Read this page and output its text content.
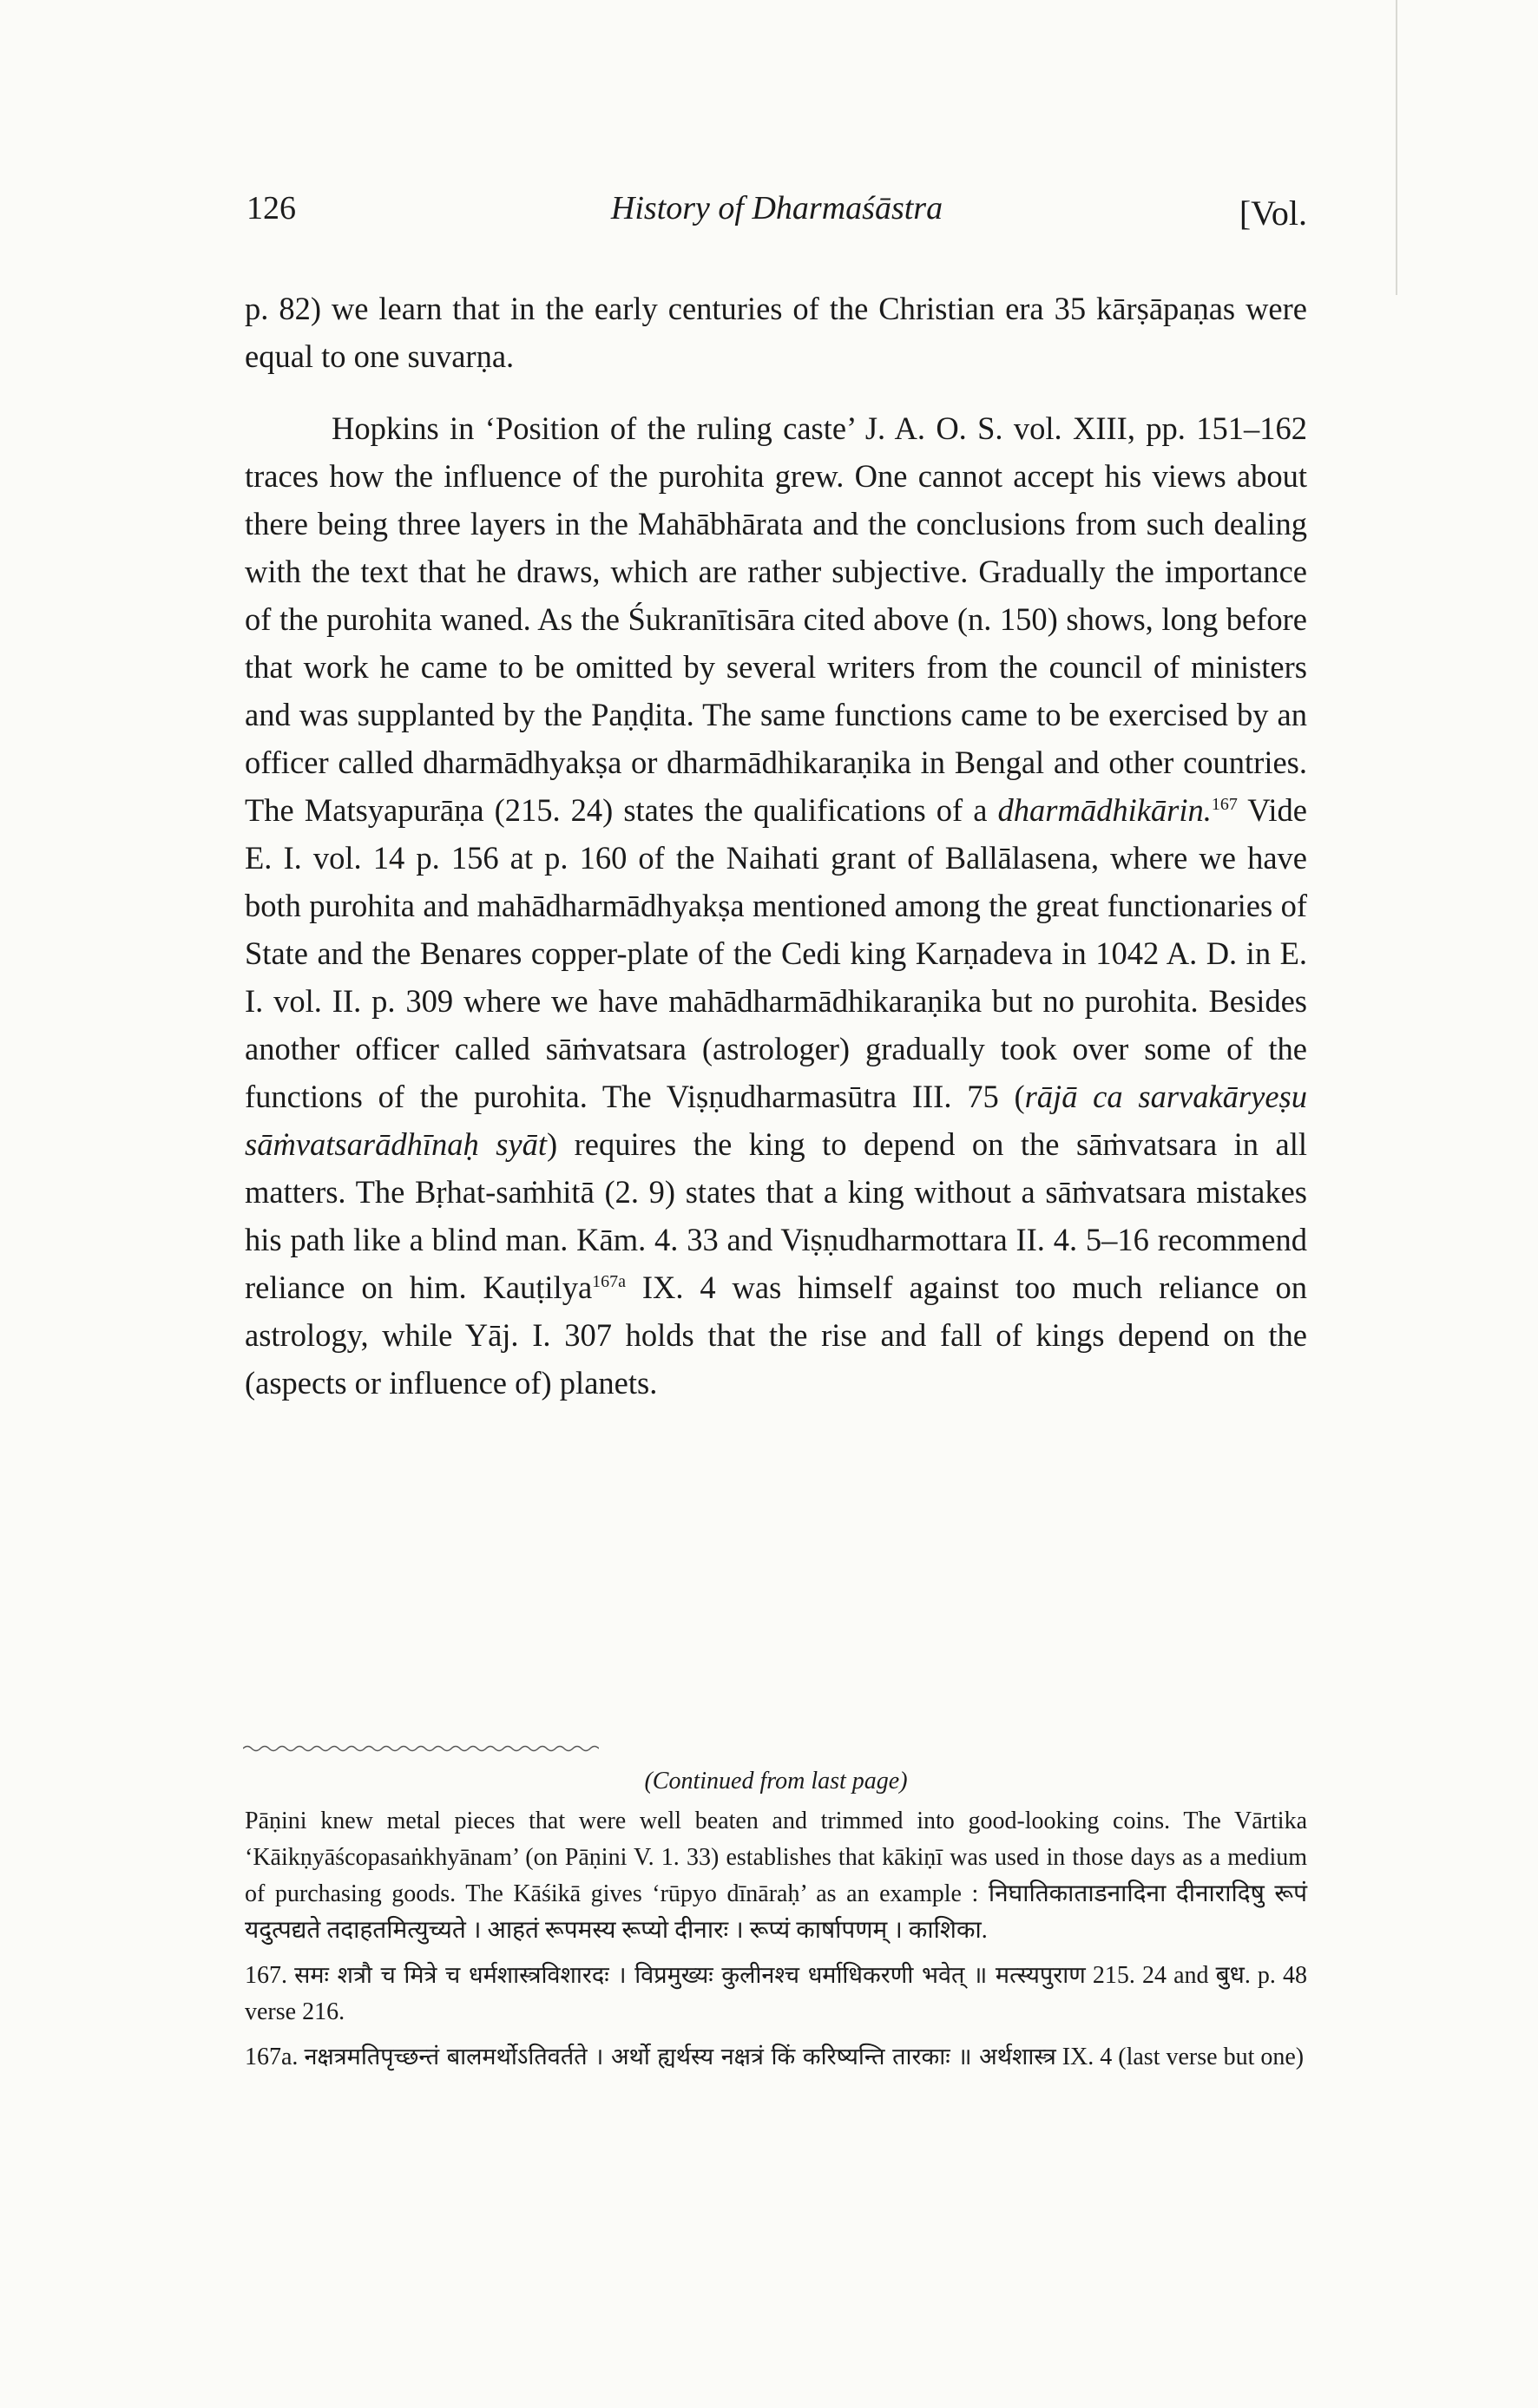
126	History of Dharmaśāstra	[Vol.

p. 82) we learn that in the early centuries of the Christian era 35 kārṣāpaṇas were equal to one suvarṇa.

Hopkins in ‘Position of the ruling caste’ J. A. O. S. vol. XIII, pp. 151–162 traces how the influence of the purohita grew. One cannot accept his views about there being three layers in the Mahābhārata and the conclusions from such dealing with the text that he draws, which are rather subjective. Gradually the importance of the purohita waned. As the Śukranītisāra cited above (n. 150) shows, long before that work he came to be omitted by several writers from the council of ministers and was supplanted by the Paṇḍita. The same functions came to be exercised by an officer called dharmādhyakṣa or dharmādhikaraṇika in Bengal and other countries. The Matsyapurāṇa (215. 24) states the qualifications of a dharmādhikārin.$^{167}$ Vide E. I. vol. 14 p. 156 at p. 160 of the Naihati grant of Ballālasena, where we have both purohita and mahādharmādhyakṣa mentioned among the great functionaries of State and the Benares copper-plate of the Cedi king Karṇadeva in 1042 A. D. in E. I. vol. II. p. 309 where we have mahādharmādhikaraṇika but no purohita. Besides another officer called sāṁvatsara (astrologer) gradually took over some of the functions of the purohita. The Viṣṇudharmasūtra III. 75 (rājā ca sarvakāryeṣu sāṁvatsarādhīnaḥ syāt) requires the king to depend on the sāṁvatsara in all matters. The Bṛhat-saṁhitā (2. 9) states that a king without a sāṁvatsara mistakes his path like a blind man. Kām. 4. 33 and Viṣṇudharmottara II. 4. 5–16 recommend reliance on him. Kauṭilya$^{167a}$ IX. 4 was himself against too much reliance on astrology, while Yāj. I. 307 holds that the rise and fall of kings depend on the (aspects or influence of) planets.

(Continued from last page)

Pāṇini knew metal pieces that were well beaten and trimmed into good-looking coins. The Vārtika ‘Kāikṇyāścopasaṅkhyānam’ (on Pāṇini V. 1. 33) establishes that kākiṇī was used in those days as a medium of purchasing goods. The Kāśikā gives ‘rūpyo dīnāraḥ’ as an example : निघातिकाताडनादिना दीनारादिषु रूपं यदुत्पद्यते तदाहतमित्युच्यते । आहतं रूपमस्य रूप्यो दीनारः । रूप्यं कार्षापणम् । काशिका.

167. समः शत्रौ च मित्रे च धर्मशास्त्रविशारदः । विप्रमुख्यः कुलीनश्च धर्माधिकरणी भवेत् ॥ मत्स्यपुराण 215. 24 and बुध. p. 48 verse 216.

167a. नक्षत्रमतिपृच्छन्तं बालमर्थोऽतिवर्तते । अर्थो ह्यर्थस्य नक्षत्रं किं करिष्यन्ति तारकाः ॥ अर्थशास्त्र IX. 4 (last verse but one)
